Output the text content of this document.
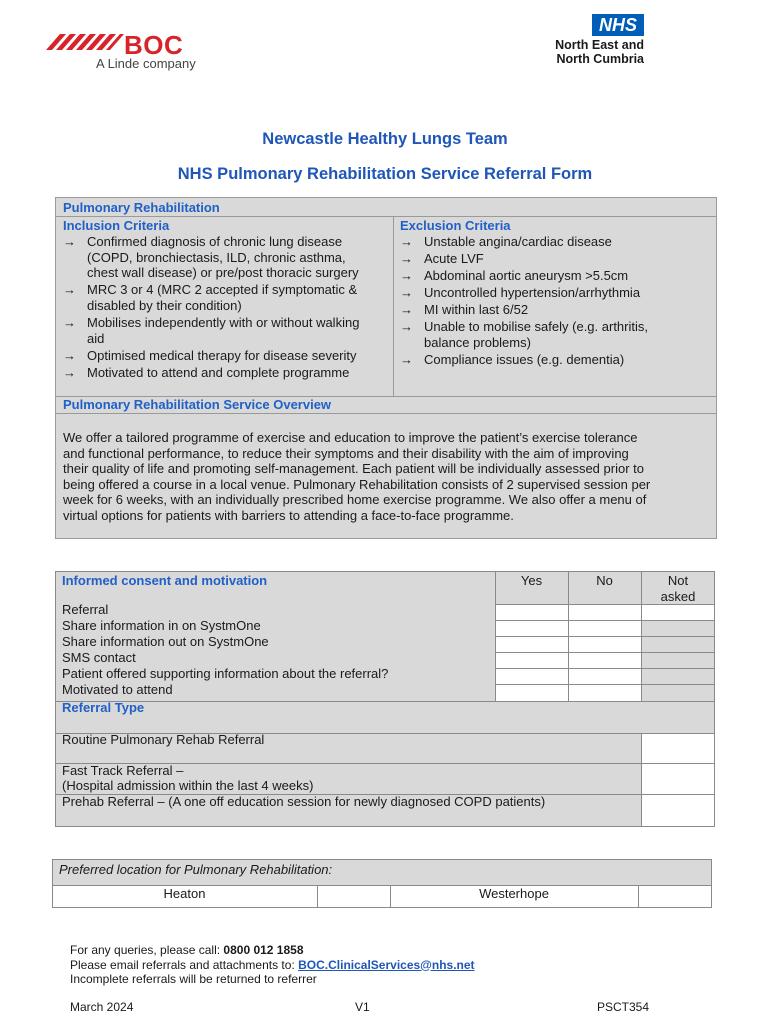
BOC
A Linde company
NHS
North East and
North Cumbria
Newcastle Healthy Lungs Team
NHS Pulmonary Rehabilitation Service Referral Form
Pulmonary Rehabilitation
Inclusion Criteria	Exclusion Criteria
→ Confirmed diagnosis of chronic lung disease
(COPD, bronchiectasis, ILD, chronic asthma,
chest wall disease) or pre/post thoracic surgery
→ MRC 3 or 4 (MRC 2 accepted if symptomatic &
disabled by their condition)
→ Mobilises independently with or without walking
aid
→ Optimised medical therapy for disease severity
→ Motivated to attend and complete programme
→ Unstable angina/cardiac disease
→ Acute LVF
→ Abdominal aortic aneurysm >5.5cm
→ Uncontrolled hypertension/arrhythmia
→ MI within last 6/52
→ Unable to mobilise safely (e.g. arthritis,
balance problems)
→ Compliance issues (e.g. dementia)
Pulmonary Rehabilitation Service Overview
We offer a tailored programme of exercise and education to improve the patient’s exercise tolerance
and functional performance, to reduce their symptoms and their disability with the aim of improving
their quality of life and promoting self-management. Each patient will be individually assessed prior to
being offered a course in a local venue. Pulmonary Rehabilitation consists of 2 supervised session per
week for 6 weeks, with an individually prescribed home exercise programme. We also offer a menu of
virtual options for patients with barriers to attending a face-to-face programme.
Informed consent and motivation	Yes	No	Not
asked
Referral
Share information in on SystmOne
Share information out on SystmOne
SMS contact
Patient offered supporting information about the referral?
Motivated to attend
Referral Type
Routine Pulmonary Rehab Referral
Fast Track Referral –
(Hospital admission within the last 4 weeks)
Prehab Referral – (A one off education session for newly diagnosed COPD patients)
Preferred location for Pulmonary Rehabilitation:
Heaton	Westerhope
For any queries, please call: 0800 012 1858
Please email referrals and attachments to: BOC.ClinicalServices@nhs.net
Incomplete referrals will be returned to referrer
March 2024	V1	PSCT354
